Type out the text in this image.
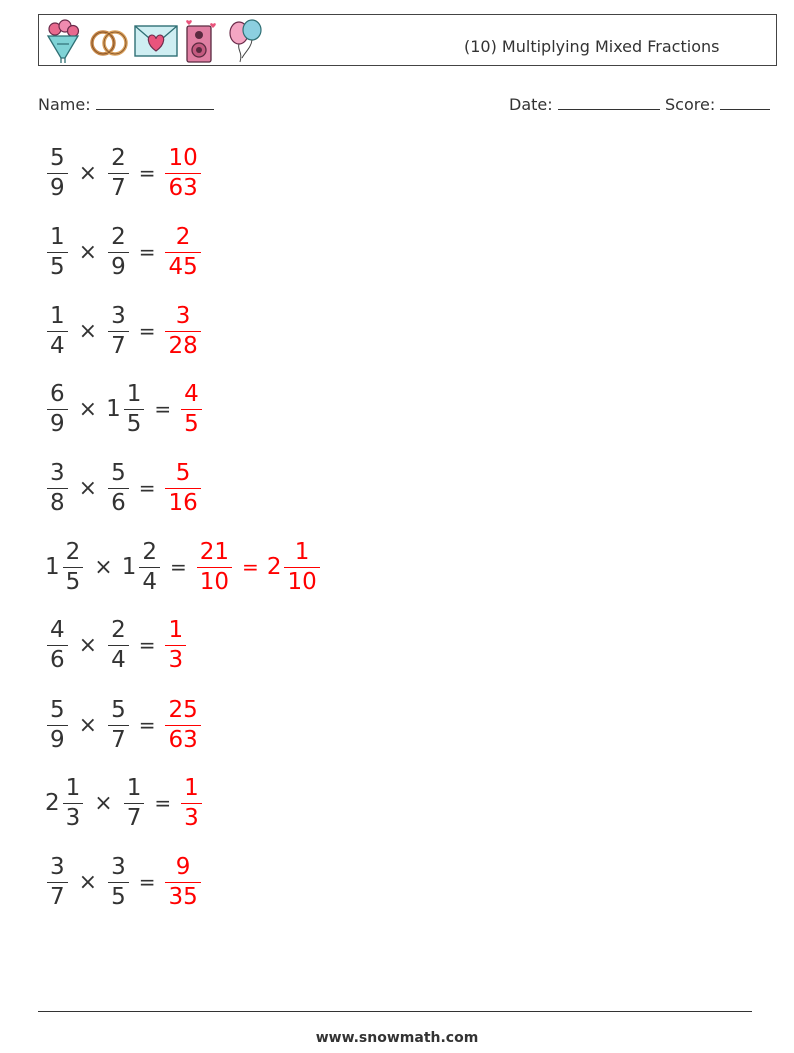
(10) Multiplying Mixed Fractions
Name:	Date:	Score:
$\frac{5}{9} \times \frac{2}{7} = \frac{10}{63}$
$\frac{1}{5} \times \frac{2}{9} = \frac{2}{45}$
$\frac{1}{4} \times \frac{3}{7} = \frac{3}{28}$
$\frac{6}{9} \times 1 \frac{1}{5} = \frac{4}{5}$
$\frac{3}{8} \times \frac{5}{6} = \frac{5}{16}$
$1 \frac{2}{5} \times 1 \frac{2}{4} = \frac{21}{10} = 2 \frac{1}{10}$
$\frac{4}{6} \times \frac{2}{4} = \frac{1}{3}$
$\frac{5}{9} \times \frac{5}{7} = \frac{25}{63}$
$2 \frac{1}{3} \times \frac{1}{7} = \frac{1}{3}$
$\frac{3}{7} \times \frac{3}{5} = \frac{9}{35}$
www.snowmath.com
